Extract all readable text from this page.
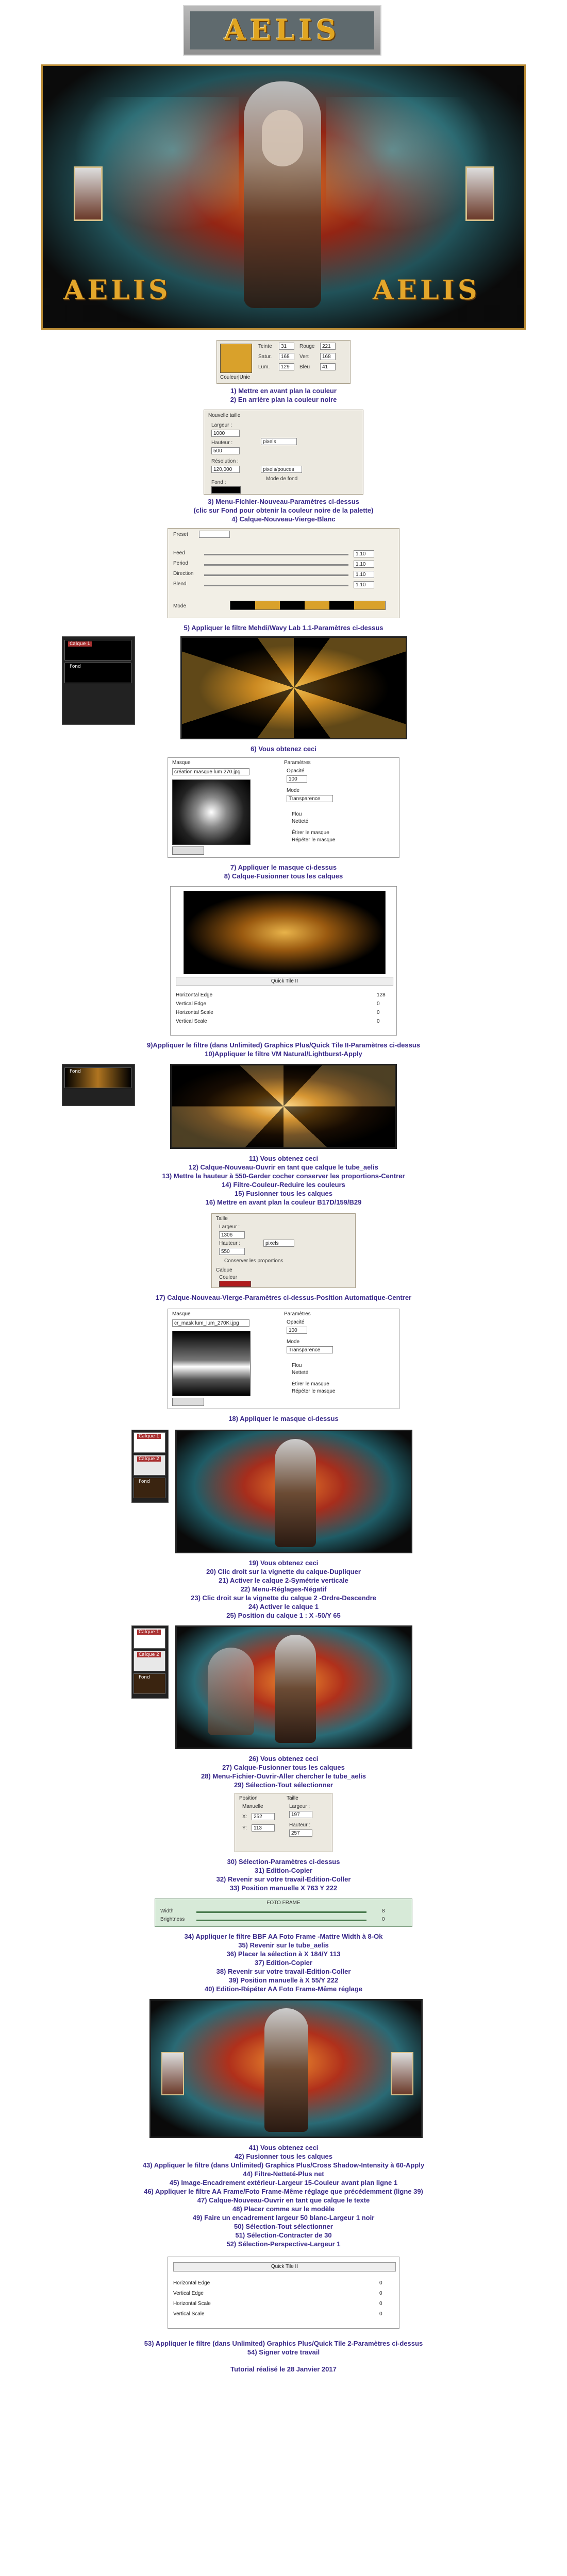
AELIS
AELIS	AELIS
Couleur|Unie
Teinte	31	Rouge	221
Satur.	168	Vert	168
Lum.	129	Bleu	41
1) Mettre en avant plan la couleur
2) En arrière plan la couleur noire
Nouvelle taille
Largeur :
1000
Hauteur :
500
pixels
Résolution :
120,000	pixels/pouces
Mode de fond
Fond :
3) Menu-Fichier-Nouveau-Paramètres ci-dessus
(clic sur Fond pour obtenir la couleur noire de la palette)
4) Calque-Nouveau-Vierge-Blanc
Preset
Feed	1.10
Period	1.10
Direction	1.10
Blend	1.10
Mode
5) Appliquer le filtre Mehdi/Wavy Lab 1.1-Paramètres ci-dessus
Calque 1
Fond
6) Vous obtenez ceci
Masque
création masque lum 270.jpg
Paramètres
Opacité
100
Mode
Transparence
Flou
Netteté
Étirer le masque
Répéter le masque
7) Appliquer le masque ci-dessus
8) Calque-Fusionner tous les calques
Quick Tile II
Horizontal Edge	128
Vertical Edge	0
Horizontal Scale	0
Vertical Scale	0
9)Appliquer le filtre (dans Unlimited) Graphics Plus/Quick Tile II-Paramètres ci-dessus
10)Appliquer le filtre VM Natural/Lightburst-Apply
Fond
11) Vous obtenez ceci
12) Calque-Nouveau-Ouvrir en tant que calque le tube_aelis
13) Mettre la hauteur à 550-Garder cocher conserver les proportions-Centrer
14) Filtre-Couleur-Reduire les couleurs
15) Fusionner tous les calques
16) Mettre en avant plan la couleur B17D/159/B29
Taille
Largeur :
1306
Hauteur :
550
pixels
Conserver les proportions
Calque
Couleur
17) Calque-Nouveau-Vierge-Paramètres ci-dessus-Position Automatique-Centrer
Masque
cr_mask lum_lum_270Ki.jpg
Paramètres
Opacité
100
Mode
Transparence
Flou
Netteté
Étirer le masque
Répéter le masque
18) Appliquer le masque ci-dessus
Calque 1
Calque 2
Fond
19) Vous obtenez ceci
20) Clic droit sur la vignette du calque-Dupliquer
21) Activer le calque 2-Symétrie verticale
22) Menu-Réglages-Négatif
23) Clic droit sur la vignette du calque 2 -Ordre-Descendre
24) Activer le calque 1
25) Position du calque 1 : X -50/Y 65
Calque 1
Calque 2
Fond
26) Vous obtenez ceci
27) Calque-Fusionner tous les calques
28) Menu-Fichier-Ouvrir-Aller chercher le tube_aelis
29) Sélection-Tout sélectionner
Position
Manuelle
X:	252
Y:	113
Taille
Largeur :
197
Hauteur :
257
30) Sélection-Paramètres ci-dessus
31) Edition-Copier
32) Revenir sur votre travail-Edition-Coller
33) Position manuelle X 763 Y 222
FOTO FRAME
Width	8
Brightness	0
34) Appliquer le filtre BBF AA Foto Frame -Mattre Width à 8-Ok
35) Revenir sur le tube_aelis
36) Placer la sélection à X 184/Y 113
37) Edition-Copier
38) Revenir sur votre travail-Edition-Coller
39) Position manuelle à X 55/Y 222
40) Edition-Répéter AA Foto Frame-Même réglage
41) Vous obtenez ceci
42) Fusionner tous les calques
43) Appliquer le filtre (dans Unlimited) Graphics Plus/Cross Shadow-Intensity à 60-Apply
44) Filtre-Netteté-Plus net
45) Image-Encadrement extérieur-Largeur 15-Couleur avant plan ligne 1
46) Appliquer le filtre AA Frame/Foto Frame-Même réglage que précédemment (ligne 39)
47) Calque-Nouveau-Ouvrir en tant que calque le texte
48) Placer comme sur le modèle
49) Faire un encadrement largeur 50 blanc-Largeur 1 noir
50) Sélection-Tout sélectionner
51) Sélection-Contracter de 30
52) Sélection-Perspective-Largeur 1
Quick Tile II
Horizontal Edge	0
Vertical Edge	0
Horizontal Scale	0
Vertical Scale	0
53) Appliquer le filtre (dans Unlimited) Graphics Plus/Quick Tile 2-Paramètres ci-dessus
54) Signer votre travail
Tutorial réalisé le 28 Janvier 2017
